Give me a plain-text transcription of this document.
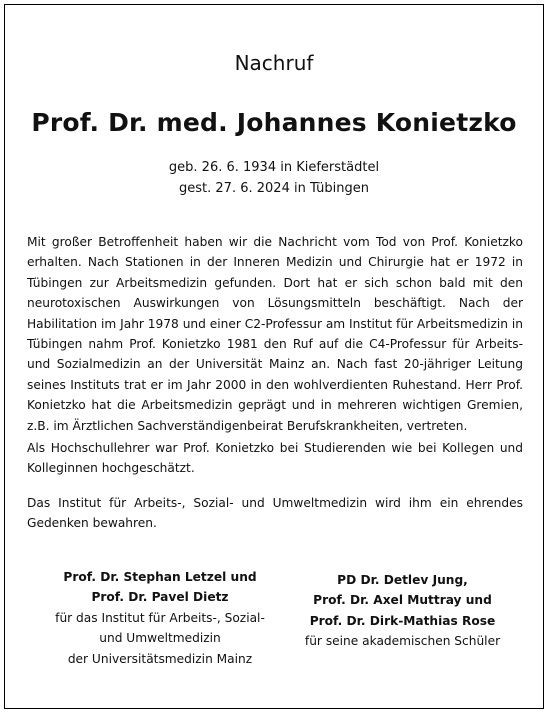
Nachruf
Prof. Dr. med. Johannes Konietzko
geb. 26. 6. 1934 in Kieferstädtel
gest. 27. 6. 2024 in Tübingen

Mit großer Betroffenheit haben wir die Nachricht vom Tod von Prof. Konietzko erhalten. Nach Stationen in der Inneren Medizin und Chirurgie hat er 1972 in Tübingen zur Arbeitsmedizin gefunden. Dort hat er sich schon bald mit den neurotoxischen Auswirkungen von Lösungsmitteln beschäftigt. Nach der Habilitation im Jahr 1978 und einer C2-Professur am Institut für Arbeitsmedizin in Tübingen nahm Prof. Konietzko 1981 den Ruf auf die C4-Professur für Arbeits- und Sozialmedizin an der Universität Mainz an. Nach fast 20-jähriger Leitung seines Instituts trat er im Jahr 2000 in den wohlverdienten Ruhestand. Herr Prof. Konietzko hat die Arbeitsmedizin geprägt und in mehreren wichtigen Gremien, z.B. im Ärztlichen Sachverständigenbeirat Berufskrankheiten, vertreten.

Als Hochschullehrer war Prof. Konietzko bei Studierenden wie bei Kollegen und Kolleginnen hochgeschätzt.

Das Institut für Arbeits-, Sozial- und Umweltmedizin wird ihm ein ehrendes Gedenken bewahren.

Prof. Dr. Stephan Letzel und
Prof. Dr. Pavel Dietz
für das Institut für Arbeits-, Sozial-
und Umweltmedizin
der Universitätsmedizin Mainz
PD Dr. Detlev Jung,
Prof. Dr. Axel Muttray und
Prof. Dr. Dirk-Mathias Rose
für seine akademischen Schüler
